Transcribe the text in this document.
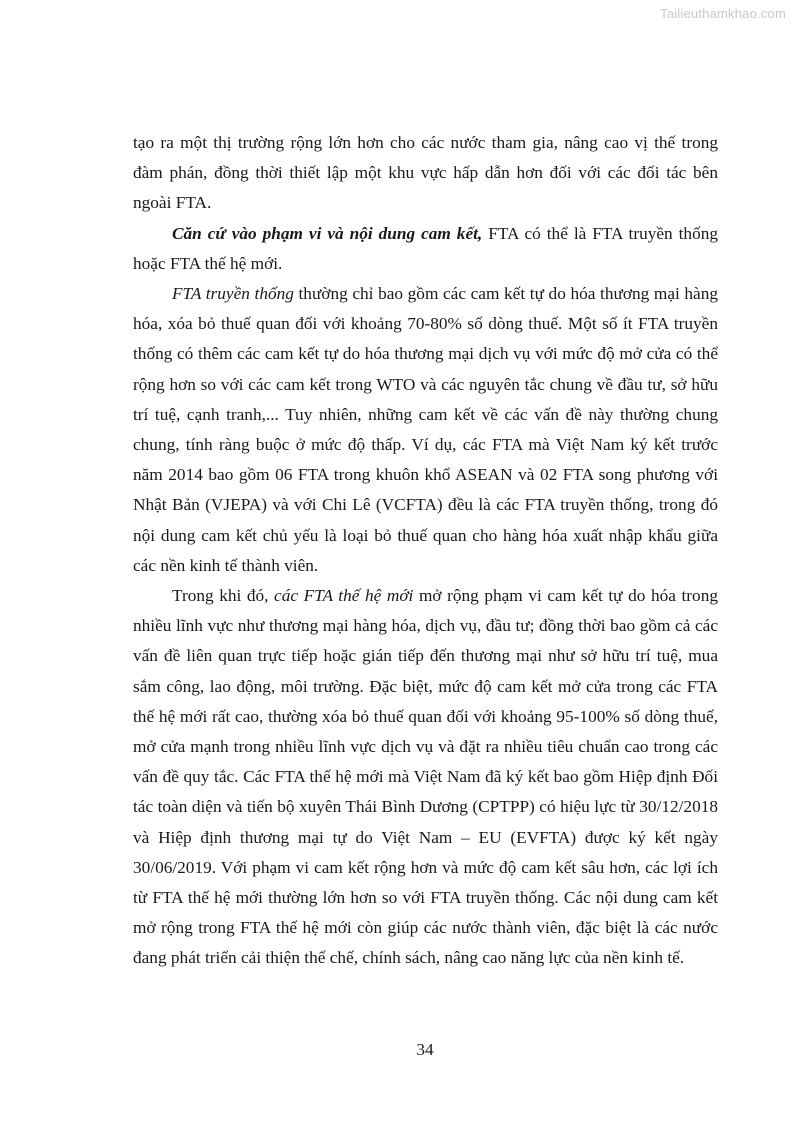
Tailieuthamkhao.com

tạo ra một thị trường rộng lớn hơn cho các nước tham gia, nâng cao vị thế trong đàm phán, đồng thời thiết lập một khu vực hấp dẫn hơn đối với các đối tác bên ngoài FTA.

Căn cứ vào phạm vi và nội dung cam kết, FTA có thể là FTA truyền thống hoặc FTA thế hệ mới.

FTA truyền thống thường chỉ bao gồm các cam kết tự do hóa thương mại hàng hóa, xóa bỏ thuế quan đối với khoảng 70-80% số dòng thuế. Một số ít FTA truyền thống có thêm các cam kết tự do hóa thương mại dịch vụ với mức độ mở cửa có thể rộng hơn so với các cam kết trong WTO và các nguyên tắc chung về đầu tư, sở hữu trí tuệ, cạnh tranh,... Tuy nhiên, những cam kết về các vấn đề này thường chung chung, tính ràng buộc ở mức độ thấp. Ví dụ, các FTA mà Việt Nam ký kết trước năm 2014 bao gồm 06 FTA trong khuôn khổ ASEAN và 02 FTA song phương với Nhật Bản (VJEPA) và với Chi Lê (VCFTA) đều là các FTA truyền thống, trong đó nội dung cam kết chủ yếu là loại bỏ thuế quan cho hàng hóa xuất nhập khẩu giữa các nền kinh tế thành viên.

Trong khi đó, các FTA thế hệ mới mở rộng phạm vi cam kết tự do hóa trong nhiều lĩnh vực như thương mại hàng hóa, dịch vụ, đầu tư; đồng thời bao gồm cả các vấn đề liên quan trực tiếp hoặc gián tiếp đến thương mại như sở hữu trí tuệ, mua sắm công, lao động, môi trường. Đặc biệt, mức độ cam kết mở cửa trong các FTA thế hệ mới rất cao, thường xóa bỏ thuế quan đối với khoảng 95-100% số dòng thuế, mở cửa mạnh trong nhiều lĩnh vực dịch vụ và đặt ra nhiều tiêu chuẩn cao trong các vấn đề quy tắc. Các FTA thế hệ mới mà Việt Nam đã ký kết bao gồm Hiệp định Đối tác toàn diện và tiến bộ xuyên Thái Bình Dương (CPTPP) có hiệu lực từ 30/12/2018 và Hiệp định thương mại tự do Việt Nam – EU (EVFTA) được ký kết ngày 30/06/2019. Với phạm vi cam kết rộng hơn và mức độ cam kết sâu hơn, các lợi ích từ FTA thế hệ mới thường lớn hơn so với FTA truyền thống. Các nội dung cam kết mở rộng trong FTA thế hệ mới còn giúp các nước thành viên, đặc biệt là các nước đang phát triển cải thiện thể chế, chính sách, nâng cao năng lực của nền kinh tế.

34
